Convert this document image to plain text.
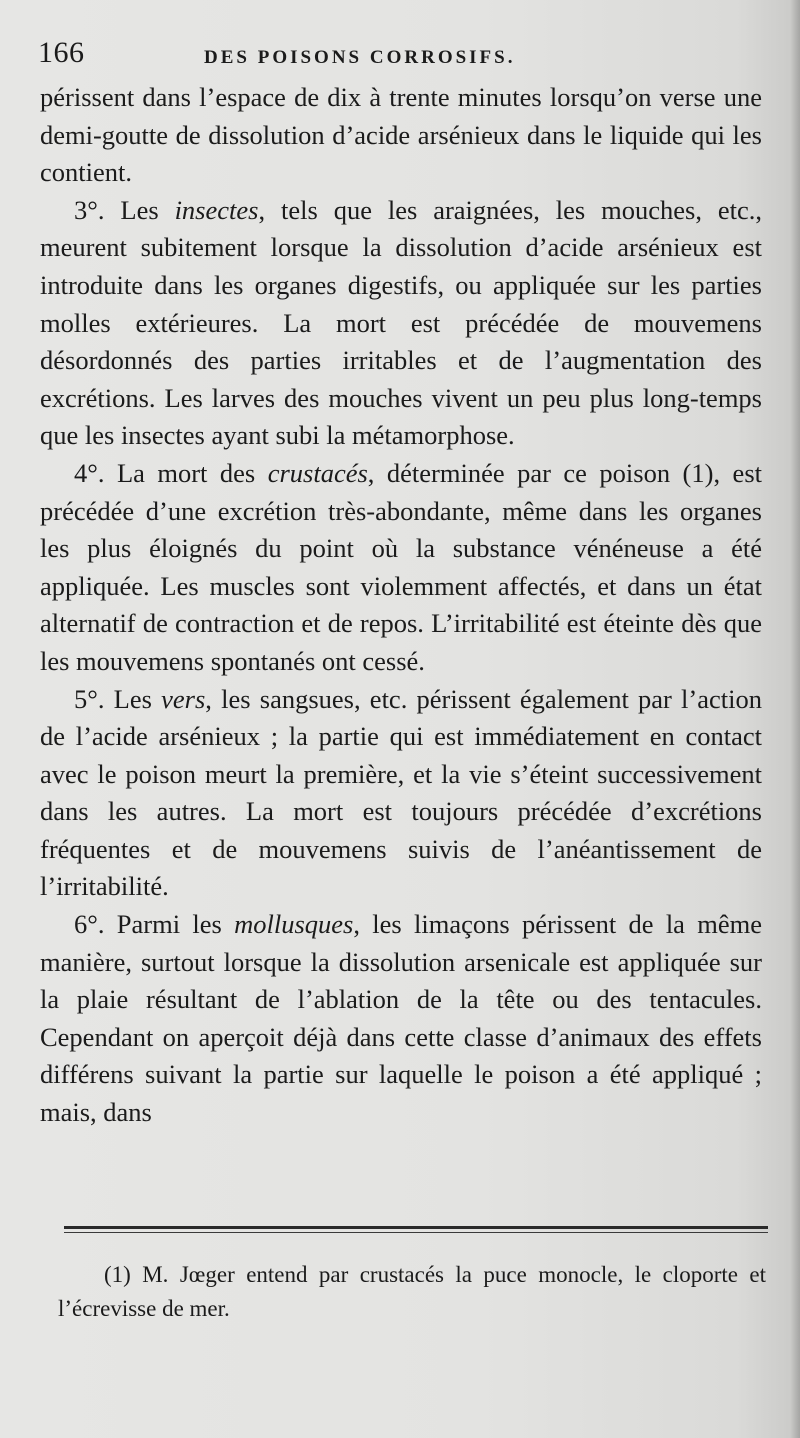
166	DES POISONS CORROSIFS.

périssent dans l’espace de dix à trente minutes lorsqu’on verse une demi-goutte de dissolution d’acide arsénieux dans le liquide qui les contient.

3°. Les insectes, tels que les araignées, les mouches, etc., meurent subitement lorsque la dissolution d’acide arsénieux est introduite dans les organes digestifs, ou appliquée sur les parties molles extérieures. La mort est précédée de mouvemens désordonnés des parties irritables et de l’augmentation des excrétions. Les larves des mouches vivent un peu plus long-temps que les insectes ayant subi la métamorphose.

4°. La mort des crustacés, déterminée par ce poison (1), est précédée d’une excrétion très-abondante, même dans les organes les plus éloignés du point où la substance vénéneuse a été appliquée. Les muscles sont violemment affectés, et dans un état alternatif de contraction et de repos. L’irritabilité est éteinte dès que les mouvemens spontanés ont cessé.

5°. Les vers, les sangsues, etc. périssent également par l’action de l’acide arsénieux ; la partie qui est immédiatement en contact avec le poison meurt la première, et la vie s’éteint successivement dans les autres. La mort est toujours précédée d’excrétions fréquentes et de mouvemens suivis de l’anéantissement de l’irritabilité.

6°. Parmi les mollusques, les limaçons périssent de la même manière, surtout lorsque la dissolution arsenicale est appliquée sur la plaie résultant de l’ablation de la tête ou des tentacules. Cependant on aperçoit déjà dans cette classe d’animaux des effets différens suivant la partie sur laquelle le poison a été appliqué ; mais, dans

(1) M. Jœger entend par crustacés la puce monocle, le cloporte et l’écrevisse de mer.
